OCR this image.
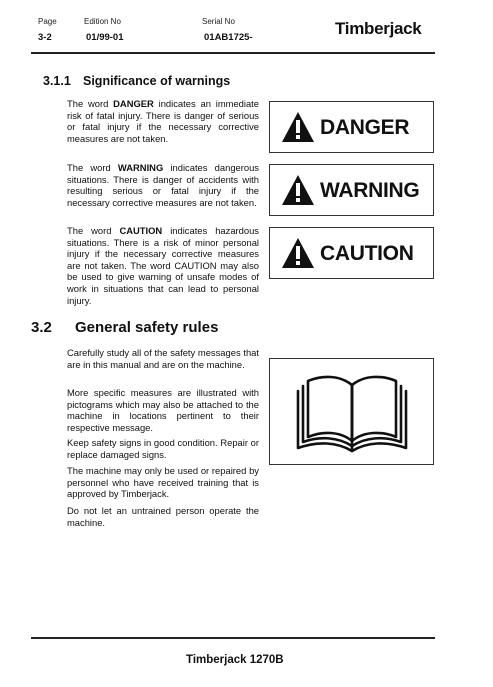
Page
3-2
Edition No
01/99-01
Serial No
01AB1725-	Timberjack
3.1.1 Significance of warnings
The word DANGER indicates an immediate risk of fatal injury. There is danger of serious or fatal injury if the necessary corrective measures are not taken.
The word WARNING indicates dangerous situations. There is danger of accidents with resulting serious or fatal injury if the necessary corrective measures are not taken.
The word CAUTION indicates hazardous situations. There is a risk of minor personal injury if the necessary corrective measures are not taken. The word CAUTION may also be used to give warning of unsafe modes of work in situations that can lead to personal injury.
DANGER
WARNING
CAUTION
3.2 General safety rules
Carefully study all of the safety messages that are in this manual and are on the machine.
More specific measures are illustrated with pictograms which may also be attached to the machine in locations pertinent to their respective message.
Keep safety signs in good condition. Repair or replace damaged signs.
The machine may only be used or repaired by personnel who have received training that is approved by Timberjack.
Do not let an untrained person operate the machine.
Timberjack 1270B
